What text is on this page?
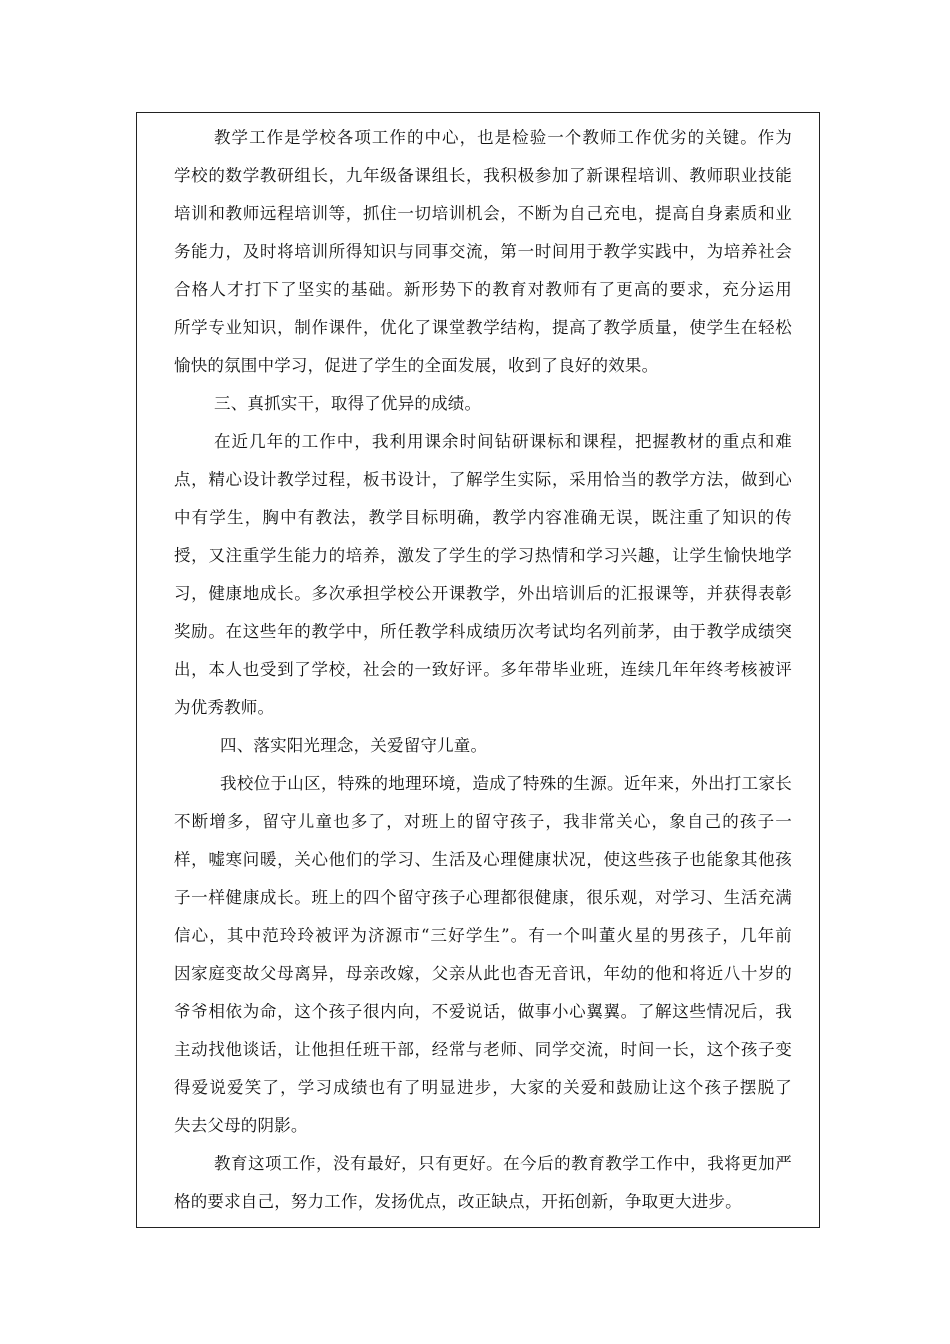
教学工作是学校各项工作的中心，也是检验一个教师工作优劣的关键。作为
学校的数学教研组长，九年级备课组长，我积极参加了新课程培训、教师职业技能
培训和教师远程培训等，抓住一切培训机会，不断为自己充电，提高自身素质和业
务能力，及时将培训所得知识与同事交流，第一时间用于教学实践中，为培养社会
合格人才打下了坚实的基础。新形势下的教育对教师有了更高的要求，充分运用
所学专业知识，制作课件，优化了课堂教学结构，提高了教学质量，使学生在轻松
愉快的氛围中学习，促进了学生的全面发展，收到了良好的效果。
三、真抓实干，取得了优异的成绩。
在近几年的工作中，我利用课余时间钻研课标和课程，把握教材的重点和难
点，精心设计教学过程，板书设计，了解学生实际，采用恰当的教学方法，做到心
中有学生，胸中有教法，教学目标明确，教学内容准确无误，既注重了知识的传
授，又注重学生能力的培养，激发了学生的学习热情和学习兴趣，让学生愉快地学
习，健康地成长。多次承担学校公开课教学，外出培训后的汇报课等，并获得表彰
奖励。在这些年的教学中，所任教学科成绩历次考试均名列前茅，由于教学成绩突
出，本人也受到了学校，社会的一致好评。多年带毕业班，连续几年年终考核被评
为优秀教师。
四、落实阳光理念，关爱留守儿童。
我校位于山区，特殊的地理环境，造成了特殊的生源。近年来，外出打工家长
不断增多，留守儿童也多了，对班上的留守孩子，我非常关心，象自己的孩子一
样，嘘寒问暖，关心他们的学习、生活及心理健康状况，使这些孩子也能象其他孩
子一样健康成长。班上的四个留守孩子心理都很健康，很乐观，对学习、生活充满
信心，其中范玲玲被评为济源市“三好学生”。有一个叫董火星的男孩子，几年前
因家庭变故父母离异，母亲改嫁，父亲从此也杳无音讯，年幼的他和将近八十岁的
爷爷相依为命，这个孩子很内向，不爱说话，做事小心翼翼。了解这些情况后，我
主动找他谈话，让他担任班干部，经常与老师、同学交流，时间一长，这个孩子变
得爱说爱笑了，学习成绩也有了明显进步，大家的关爱和鼓励让这个孩子摆脱了
失去父母的阴影。
教育这项工作，没有最好，只有更好。在今后的教育教学工作中，我将更加严
格的要求自己，努力工作，发扬优点，改正缺点，开拓创新，争取更大进步。
